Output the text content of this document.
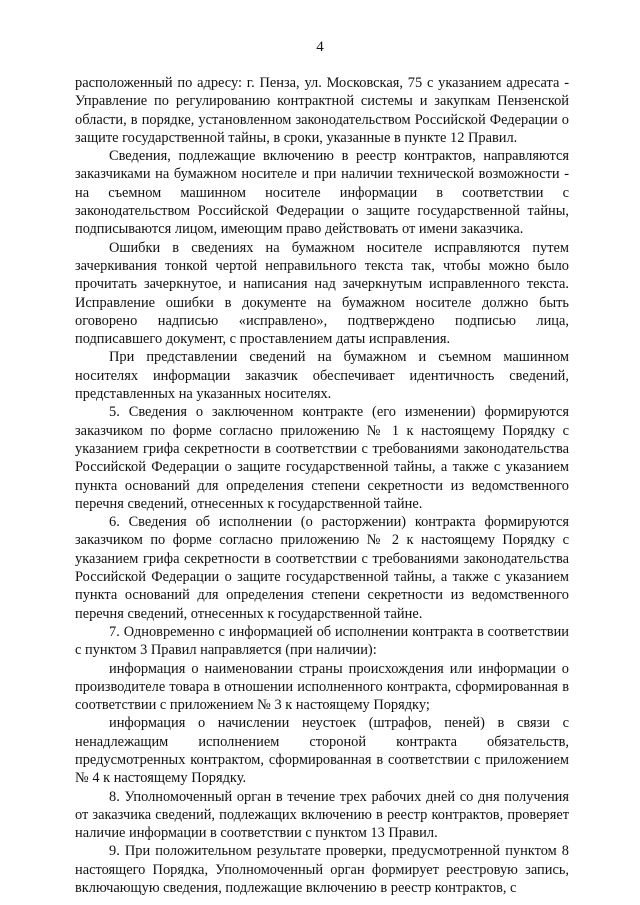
4

расположенный по адресу: г. Пенза, ул. Московская, 75 с указанием адресата - Управление по регулированию контрактной системы и закупкам Пензенской области, в порядке, установленном законодательством Российской Федерации о защите государственной тайны, в сроки, указанные в пункте 12 Правил.

Сведения, подлежащие включению в реестр контрактов, направляются заказчиками на бумажном носителе и при наличии технической возможности - на съемном машинном носителе информации в соответствии с законодательством Российской Федерации о защите государственной тайны, подписываются лицом, имеющим право действовать от имени заказчика.

Ошибки в сведениях на бумажном носителе исправляются путем зачеркивания тонкой чертой неправильного текста так, чтобы можно было прочитать зачеркнутое, и написания над зачеркнутым исправленного текста. Исправление ошибки в документе на бумажном носителе должно быть оговорено надписью «исправлено», подтверждено подписью лица, подписавшего документ, с проставлением даты исправления.

При представлении сведений на бумажном и съемном машинном носителях информации заказчик обеспечивает идентичность сведений, представленных на указанных носителях.

5. Сведения о заключенном контракте (его изменении) формируются заказчиком по форме согласно приложению № 1 к настоящему Порядку с указанием грифа секретности в соответствии с требованиями законодательства Российской Федерации о защите государственной тайны, а также с указанием пункта оснований для определения степени секретности из ведомственного перечня сведений, отнесенных к государственной тайне.

6. Сведения об исполнении (о расторжении) контракта формируются заказчиком по форме согласно приложению № 2 к настоящему Порядку с указанием грифа секретности в соответствии с требованиями законодательства Российской Федерации о защите государственной тайны, а также с указанием пункта оснований для определения степени секретности из ведомственного перечня сведений, отнесенных к государственной тайне.

7. Одновременно с информацией об исполнении контракта в соответствии с пунктом 3 Правил направляется (при наличии):

информация о наименовании страны происхождения или информации о производителе товара в отношении исполненного контракта, сформированная в соответствии с приложением № 3 к настоящему Порядку;

информация о начислении неустоек (штрафов, пеней) в связи с ненадлежащим исполнением стороной контракта обязательств, предусмотренных контрактом, сформированная в соответствии с приложением № 4 к настоящему Порядку.

8. Уполномоченный орган в течение трех рабочих дней со дня получения от заказчика сведений, подлежащих включению в реестр контрактов, проверяет наличие информации в соответствии с пунктом 13 Правил.

9. При положительном результате проверки, предусмотренной пунктом 8 настоящего Порядка, Уполномоченный орган формирует реестровую запись, включающую сведения, подлежащие включению в реестр контрактов, с
